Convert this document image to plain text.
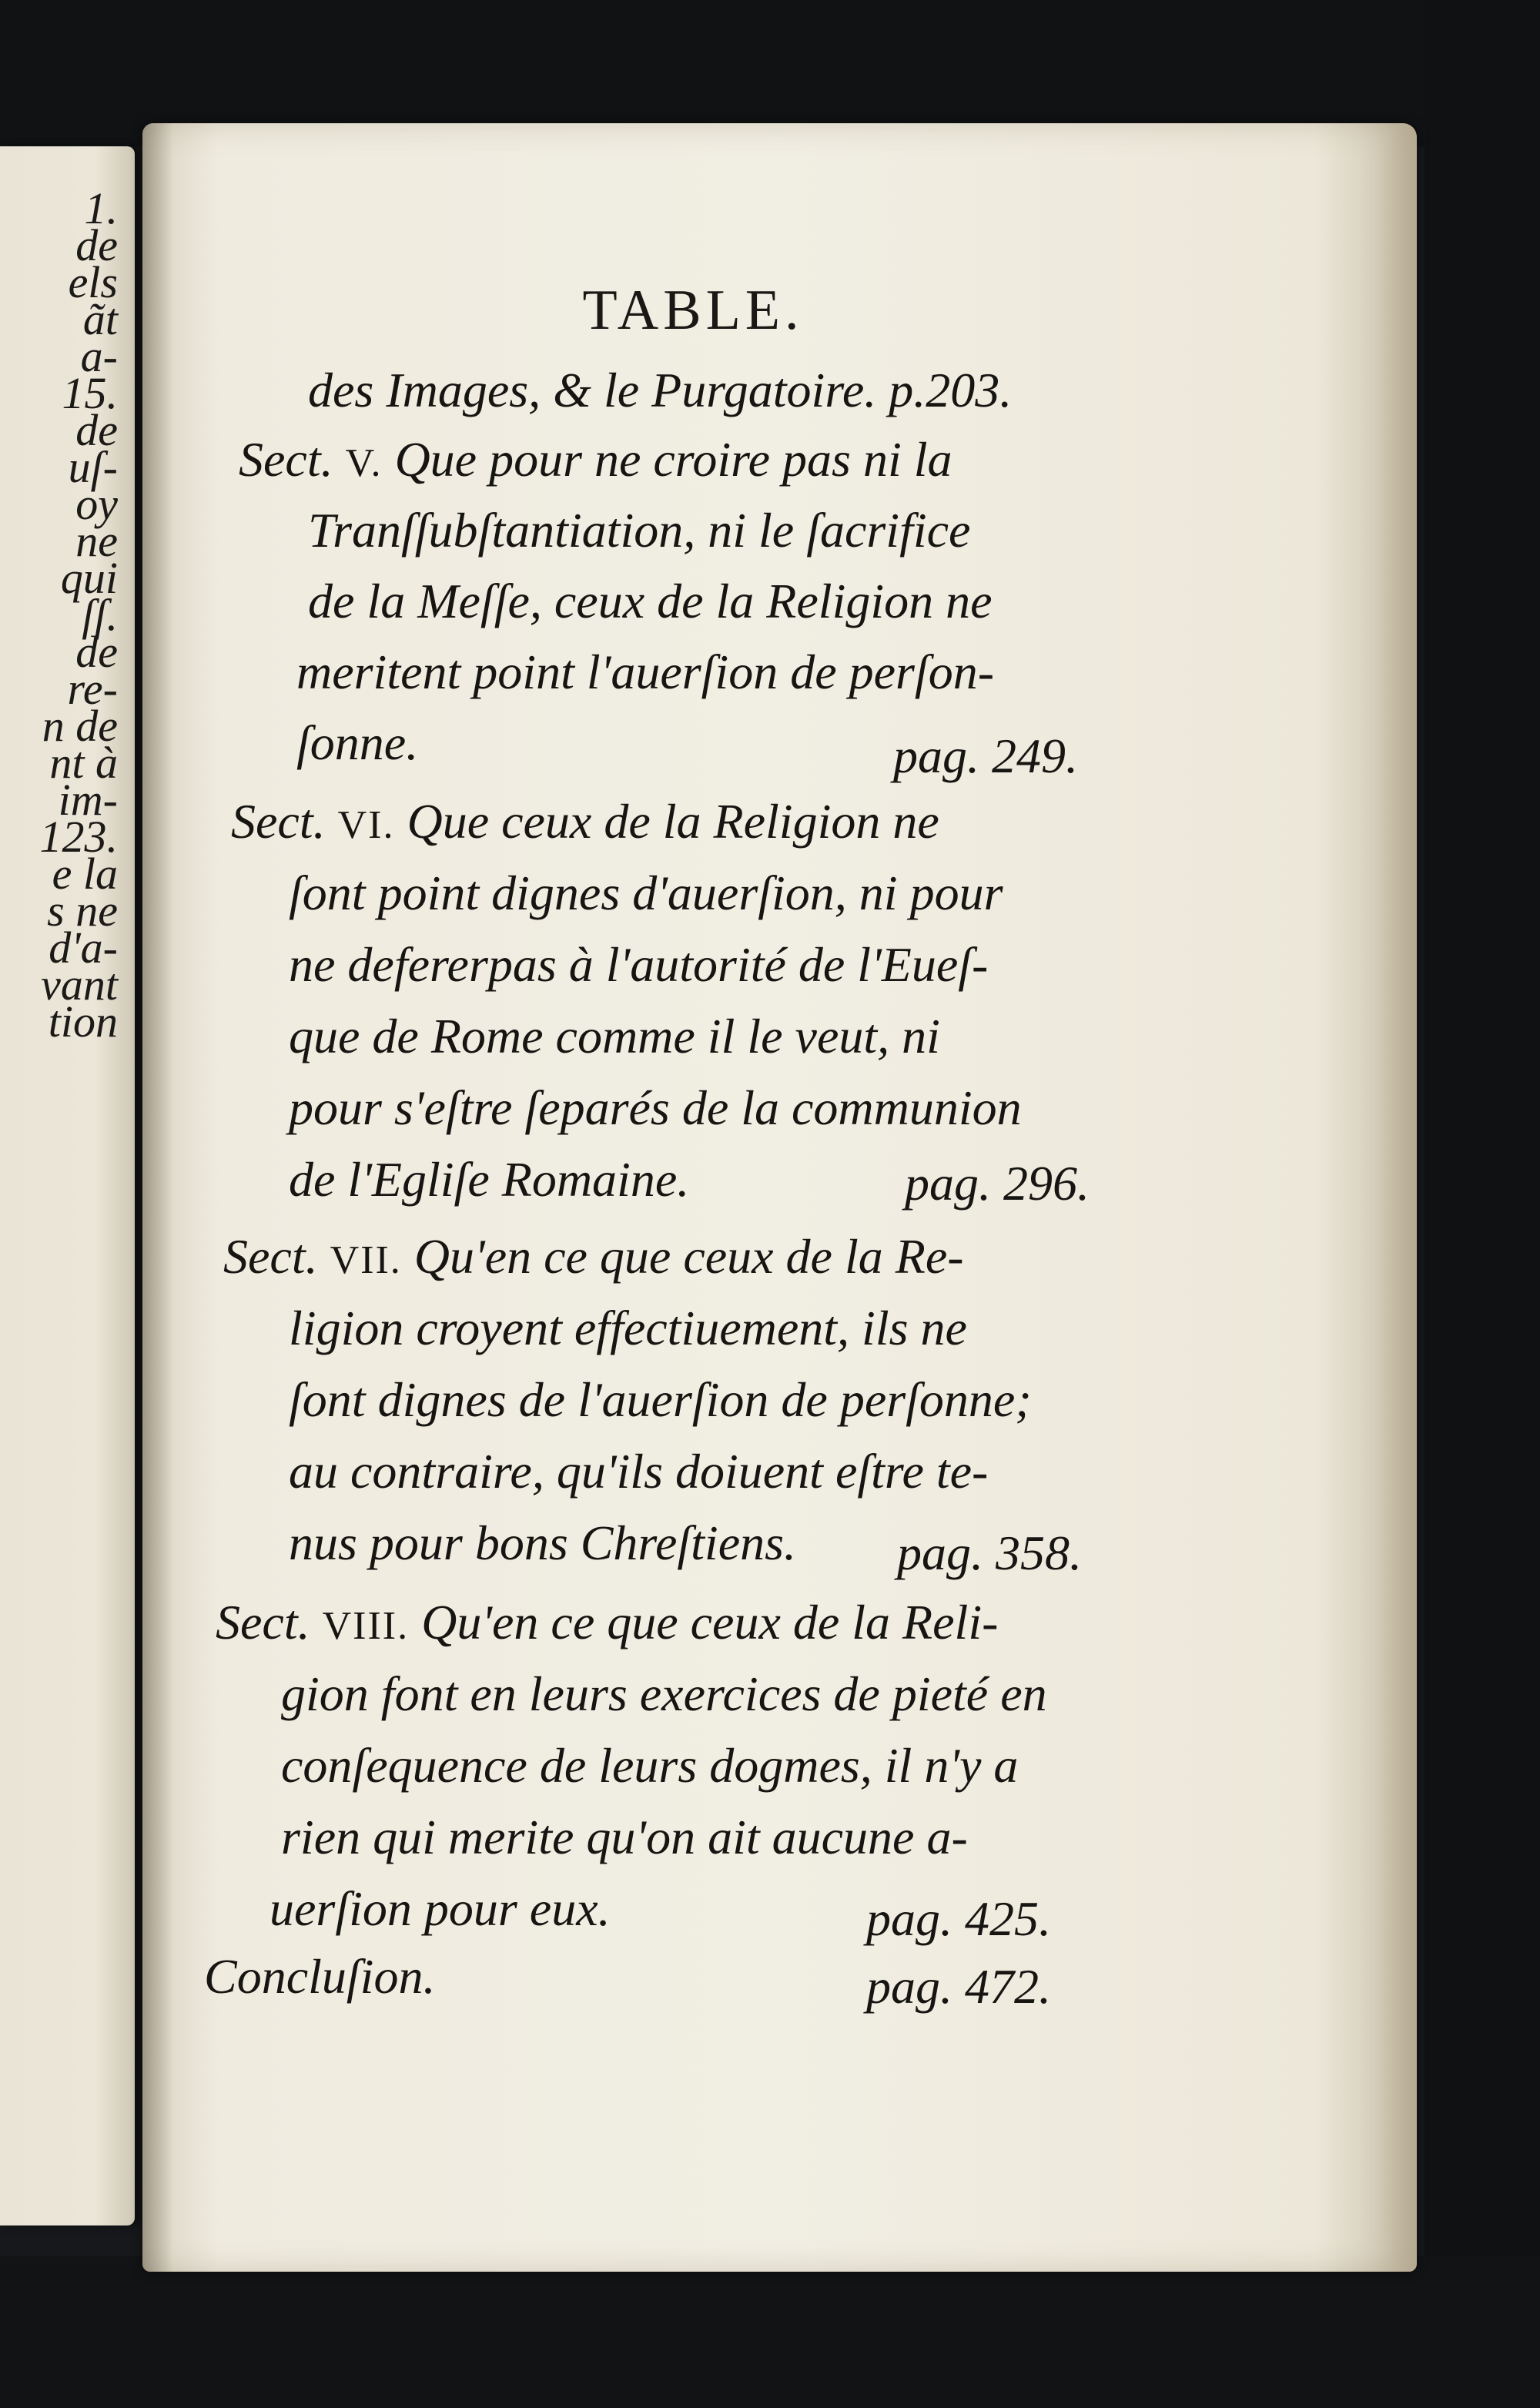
1.
de
els
ãt
a-
15.
de
uſ-
oy
ne
qui
ſſ.
de
re-
n de
nt à
im-
123.
e la
s ne
d'a-
vant
tion
TABLE.
des Images, & le Purgatoire. p.203.
Sect. V. Que pour ne croire pas ni la
Tranſſubſtantiation, ni le ſacrifice
de la Meſſe, ceux de la Religion ne
meritent point l'auerſion de perſon-
ſonne.	pag. 249.
Sect. VI. Que ceux de la Religion ne
ſont point dignes d'auerſion, ni pour
ne defererpas à l'autorité de l'Eueſ-
que de Rome comme il le veut, ni
pour s'eſtre ſeparés de la communion
de l'Egliſe Romaine.	pag. 296.
Sect. VII. Qu'en ce que ceux de la Re-
ligion croyent effectiuement, ils ne
ſont dignes de l'auerſion de perſonne;
au contraire, qu'ils doiuent eſtre te-
nus pour bons Chreſtiens. pag. 358.
Sect. VIII. Qu'en ce que ceux de la Reli-
gion font en leurs exercices de pieté en
conſequence de leurs dogmes, il n'y a
rien qui merite qu'on ait aucune a-
uerſion pour eux.	pag. 425.
Concluſion.	pag. 472.
